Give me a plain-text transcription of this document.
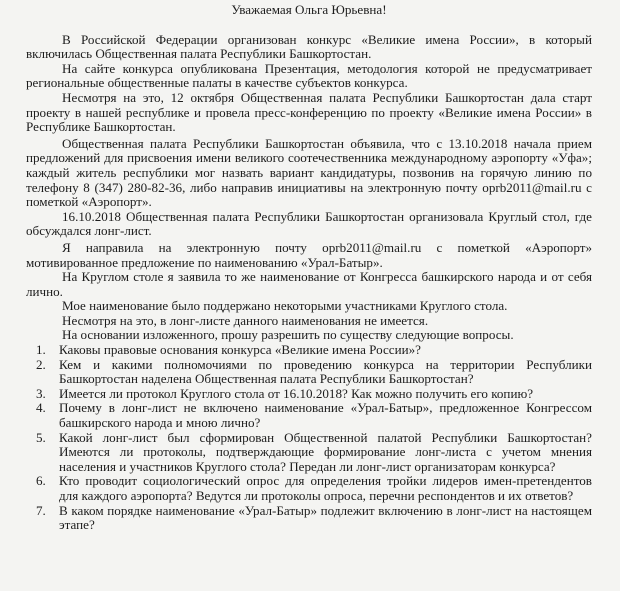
Уважаемая Ольга Юрьевна!

В Российской Федерации организован конкурс «Великие имена России», в который включилась Общественная палата Республики Башкортостан.

На сайте конкурса опубликована Презентация, методология которой не предусматривает региональные общественные палаты в качестве субъектов конкурса.

Несмотря на это, 12 октября Общественная палата Республики Башкортостан дала старт проекту в нашей республике и провела пресс-конференцию по проекту «Великие имена России» в Республике Башкортостан.

Общественная палата Республики Башкортостан объявила, что с 13.10.2018 начала прием предложений для присвоения имени великого соотечественника международному аэропорту «Уфа»; каждый житель республики мог назвать вариант кандидатуры, позвонив на горячую линию по телефону 8 (347) 280-82-36, либо направив инициативы на электронную почту oprb2011@mail.ru с пометкой «Аэропорт».

16.10.2018 Общественная палата Республики Башкортостан организовала Круглый стол, где обсуждался лонг-лист.

Я направила на электронную почту oprb2011@mail.ru с пометкой «Аэропорт» мотивированное предложение по наименованию «Урал-Батыр».

На Круглом столе я заявила то же наименование от Конгресса башкирского народа и от себя лично.

Мое наименование было поддержано некоторыми участниками Круглого стола.

Несмотря на это, в лонг-листе данного наименования не имеется.

На основании изложенного, прошу разрешить по существу следующие вопросы.

1. Каковы правовые основания конкурса «Великие имена России»?
2. Кем и какими полномочиями по проведению конкурса на территории Республики Башкортостан наделена Общественная палата Республики Башкортостан?
3. Имеется ли протокол Круглого стола от 16.10.2018? Как можно получить его копию?
4. Почему в лонг-лист не включено наименование «Урал-Батыр», предложенное Конгрессом башкирского народа и мною лично?
5. Какой лонг-лист был сформирован Общественной палатой Республики Башкортостан? Имеются ли протоколы, подтверждающие формирование лонг-листа с учетом мнения населения и участников Круглого стола? Передан ли лонг-лист организаторам конкурса?
6. Кто проводит социологический опрос для определения тройки лидеров имен-претендентов для каждого аэропорта? Ведутся ли протоколы опроса, перечни респондентов и их ответов?
7. В каком порядке наименование «Урал-Батыр» подлежит включению в лонг-лист на настоящем этапе?
